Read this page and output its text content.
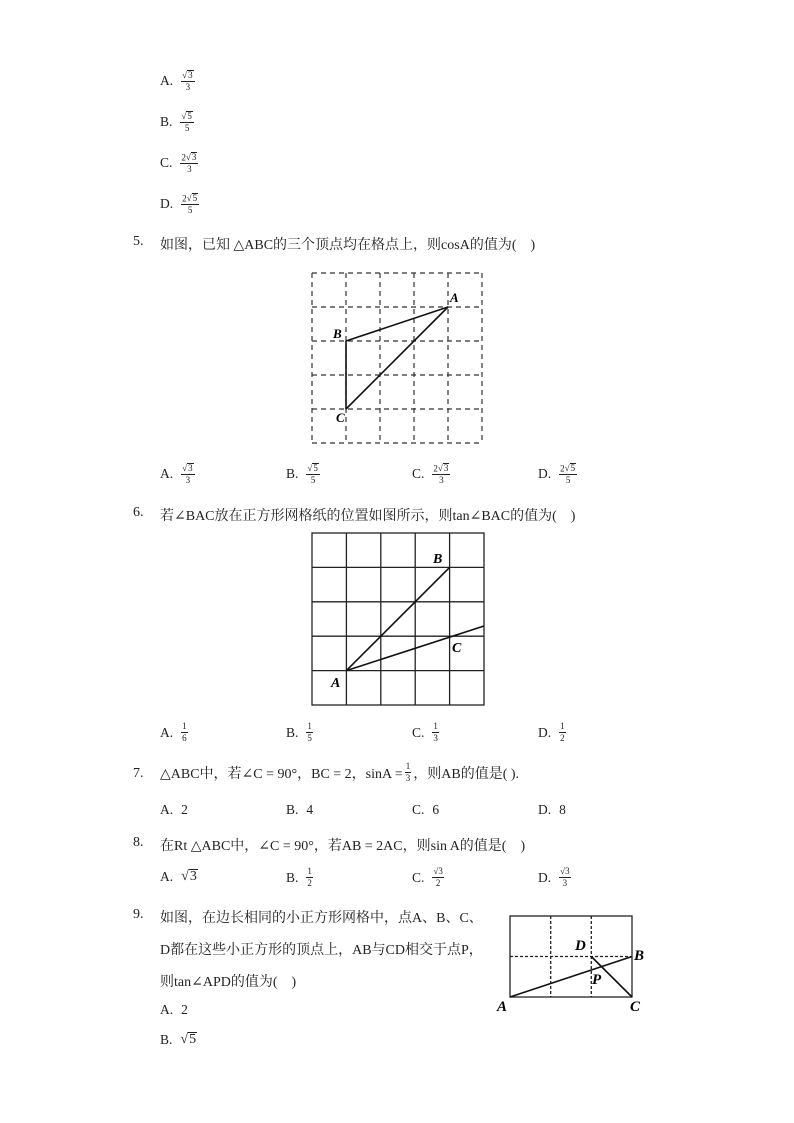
A. $\frac{√ 3}{3}$
B. $\frac{√ 5}{5}$
C. $\frac{2 √ 3}{3}$
D. $\frac{2 √ 5}{5}$
5. 如图，已知 △ABC的三个顶点均在格点上，则cosA的值为(　)
A
B
C
A. $\frac{√ 3}{3}$	B. $\frac{√ 5}{5}$	C. $\frac{2 √ 3}{3}$	D. $\frac{2 √ 5}{5}$
6. 若∠BAC放在正方形网格纸的位置如图所示，则tan∠BAC的值为(　)
B
C
A
A. $\frac{1}{6}$	B. $\frac{1}{5}$	C. $\frac{1}{3}$	D. $\frac{1}{2}$
7. △ABC中，若∠C = 90°，BC = 2，$\sin A = \frac{1}{3}$ ，则AB的值是( ).
A. 2	B. 4	C. 6	D. 8
8. 在Rt △ABC中，∠C = 90°，若AB = 2AC，则sin A的值是(　)
A. √ 3	B. $\frac{1}{2}$	C. $\frac{√3}{2}$	D. $\frac{√3}{3}$
9. 如图，在边长相同的小正方形网格中，点A、B、C、
D都在这些小正方形的顶点上，AB与CD相交于点P，
则tan∠APD的值为(　)
D
B
P
A	C
A. 2
B. √ 5
